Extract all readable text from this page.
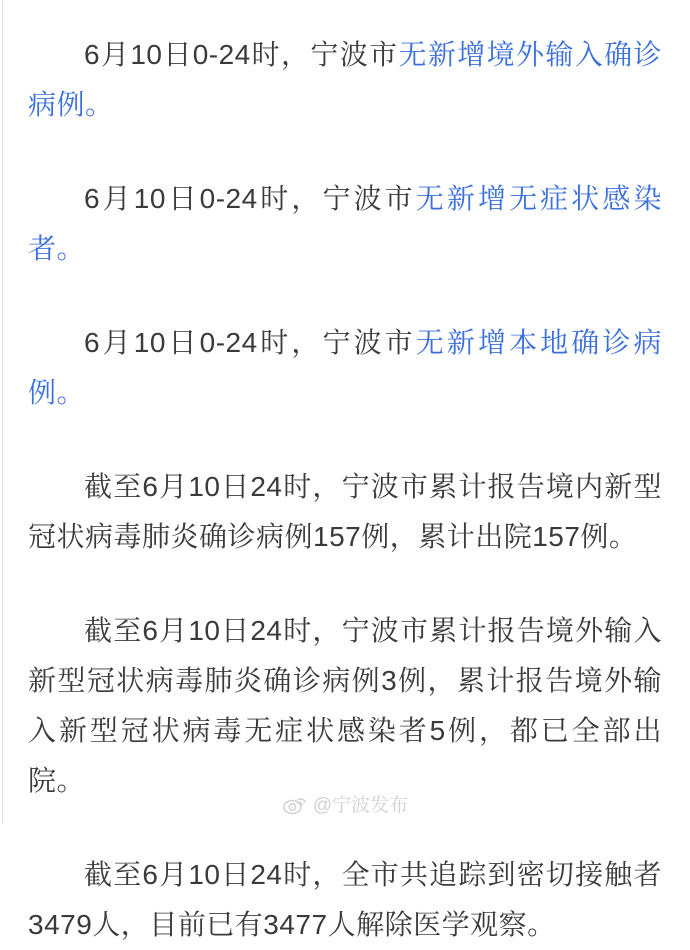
6月10日0-24时，宁波市无新增境外输入确诊病例。

6月10日0-24时，宁波市无新增无症状感染者。

6月10日0-24时，宁波市无新增本地确诊病例。

截至6月10日24时，宁波市累计报告境内新型冠状病毒肺炎确诊病例157例，累计出院157例。

截至6月10日24时，宁波市累计报告境外输入新型冠状病毒肺炎确诊病例3例，累计报告境外输入新型冠状病毒无症状感染者5例，都已全部出院。

截至6月10日24时，全市共追踪到密切接触者3479人，目前已有3477人解除医学观察。

@宁波发布
